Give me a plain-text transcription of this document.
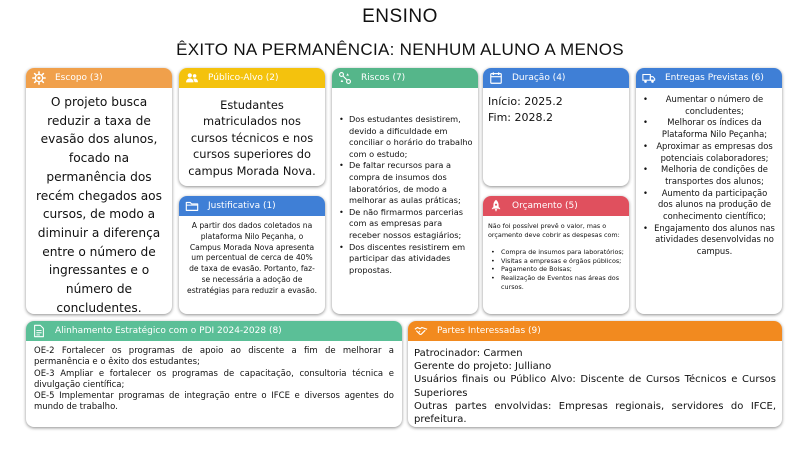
ENSINO
ÊXITO NA PERMANÊNCIA: NENHUM ALUNO A MENOS
Escopo (3)
O projeto busca reduzir a taxa de evasão dos alunos, focado na permanência dos recém chegados aos cursos, de modo a diminuir a diferença entre o número de ingressantes e o número de concludentes.
Público-Alvo (2)
Estudantes matriculados nos cursos técnicos e nos cursos superiores do campus Morada Nova.
Justificativa (1)
A partir dos dados coletados na plataforma Nilo Peçanha, o Campus Morada Nova apresenta um percentual de cerca de 40% de taxa de evasão. Portanto, faz-se necessária a adoção de estratégias para reduzir a evasão.
Riscos (7)
• Dos estudantes desistirem, devido a dificuldade em conciliar o horário do trabalho com o estudo;
• De faltar recursos para a compra de insumos dos laboratórios, de modo a melhorar as aulas práticas;
• De não firmarmos parcerias com as empresas para receber nossos estagiários;
• Dos discentes resistirem em participar das atividades propostas.
Duração (4)
Início: 2025.2
Fim: 2028.2
Orçamento (5)
Não foi possível prevê o valor, mas o orçamento deve cobrir as despesas com:
• Compra de insumos para laboratórios;
• Visitas a empresas e órgãos públicos;
• Pagamento de Bolsas;
• Realização de Eventos nas áreas dos cursos.
Entregas Previstas (6)
• Aumentar o número de concludentes;
• Melhorar os índices da Plataforma Nilo Peçanha;
• Aproximar as empresas dos potenciais colaboradores;
• Melhoria de condições de transportes dos alunos;
• Aumento da participação dos alunos na produção de conhecimento científico;
• Engajamento dos alunos nas atividades desenvolvidas no campus.
Alinhamento Estratégico com o PDI 2024-2028 (8)
OE-2 Fortalecer os programas de apoio ao discente a fim de melhorar a permanência e o êxito dos estudantes;
OE-3 Ampliar e fortalecer os programas de capacitação, consultoria técnica e divulgação científica;
OE-5 Implementar programas de integração entre o IFCE e diversos agentes do mundo de trabalho.
Partes Interessadas (9)
Patrocinador: Carmen
Gerente do projeto: Julliano
Usuários finais ou Público Alvo: Discente de Cursos Técnicos e Cursos Superiores
Outras partes envolvidas: Empresas regionais, servidores do IFCE, prefeitura.
